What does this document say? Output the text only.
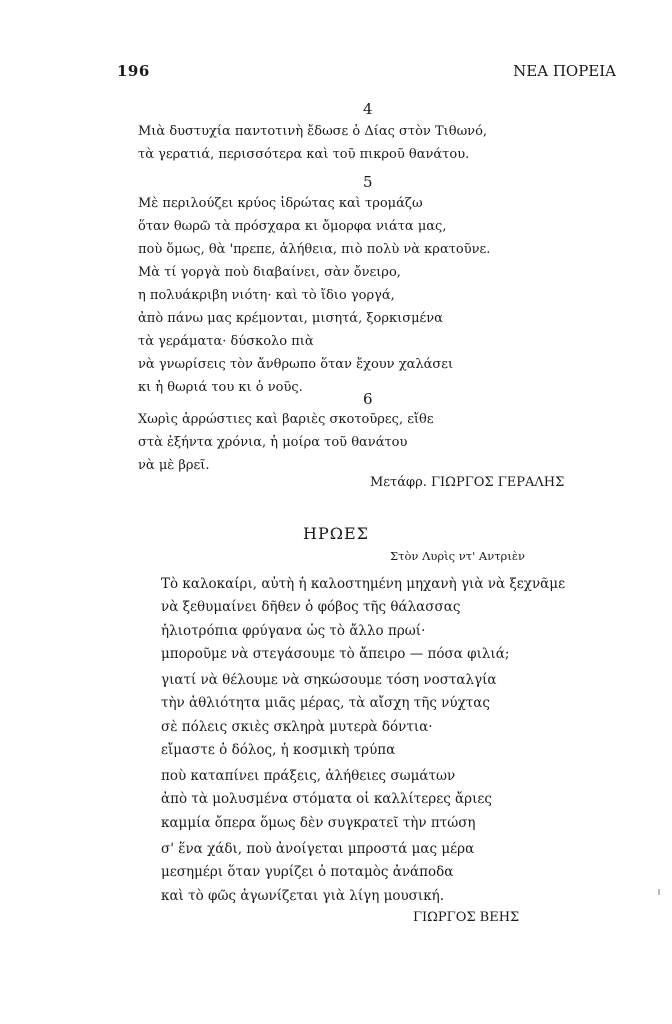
196	ΝΕΑ ΠΟΡΕΙΑ
4
Μιὰ δυστυχία παντοτινὴ ἔδωσε ὁ Δίας στὸν Τιθωνό,
τὰ γερατιά, περισσότερα καὶ τοῦ πικροῦ θανάτου.
5
Μὲ περιλούζει κρύος ἱδρώτας καὶ τρομάζω
ὅταν θωρῶ τὰ πρόσχαρα κι ὄμορφα νιάτα μας,
ποὺ ὅμως, θὰ 'πρεπε, ἀλήθεια, πιὸ πολὺ νὰ κρατοῦνε.
Μὰ τί γοργὰ ποὺ διαβαίνει, σὰν ὄνειρο,
η πολυάκριβη νιότη· καὶ τὸ ἴδιο γοργά,
ἀπὸ πάνω μας κρέμονται, μισητά, ξορκισμένα
τὰ γεράματα· δύσκολο πιὰ
νὰ γνωρίσεις τὸν ἄνθρωπο ὅταν ἔχουν χαλάσει
κι ἡ θωριά του κι ὁ νοῦς.
6
Χωρὶς ἀρρώστιες καὶ βαριὲς σκοτοῦρες, εἴθε
στὰ ἑξήντα χρόνια, ἡ μοίρα τοῦ θανάτου
νὰ μὲ βρεῖ.
Μετάφρ. ΓΙΩΡΓΟΣ ΓΕΡΑΛΗΣ
ΗΡΩΕΣ
Στὸν Λυρὶς ντ' Αντριὲν
Τὸ καλοκαίρι, αὐτὴ ἡ καλοστημένη μηχανὴ γιὰ νὰ ξεχνᾶμε
νὰ ξεθυμαίνει δῆθεν ὁ φόβος τῆς θάλασσας
ἡλιοτρόπια φρύγανα ὡς τὸ ἄλλο πρωί·
μποροῦμε νὰ στεγάσουμε τὸ ἄπειρο — πόσα φιλιά;
γιατί νὰ θέλουμε νὰ σηκώσουμε τόση νοσταλγία
τὴν ἀθλιότητα μιᾶς μέρας, τὰ αἴσχη τῆς νύχτας
σὲ πόλεις σκιὲς σκληρὰ μυτερὰ δόντια·
εἴμαστε ὁ δόλος, ἡ κοσμικὴ τρύπα
ποὺ καταπίνει πράξεις, ἀλήθειες σωμάτων
ἀπὸ τὰ μολυσμένα στόματα οἱ καλλίτερες ἄριες
καμμία ὄπερα ὅμως δὲν συγκρατεῖ τὴν πτώση
σ' ἕνα χάδι, ποὺ ἀνοίγεται μπροστά μας μέρα
μεσημέρι ὅταν γυρίζει ὁ ποταμὸς ἀνάποδα
καὶ τὸ φῶς ἀγωνίζεται γιὰ λίγη μουσική.
ΓΙΩΡΓΟΣ ΒΕΗΣ
